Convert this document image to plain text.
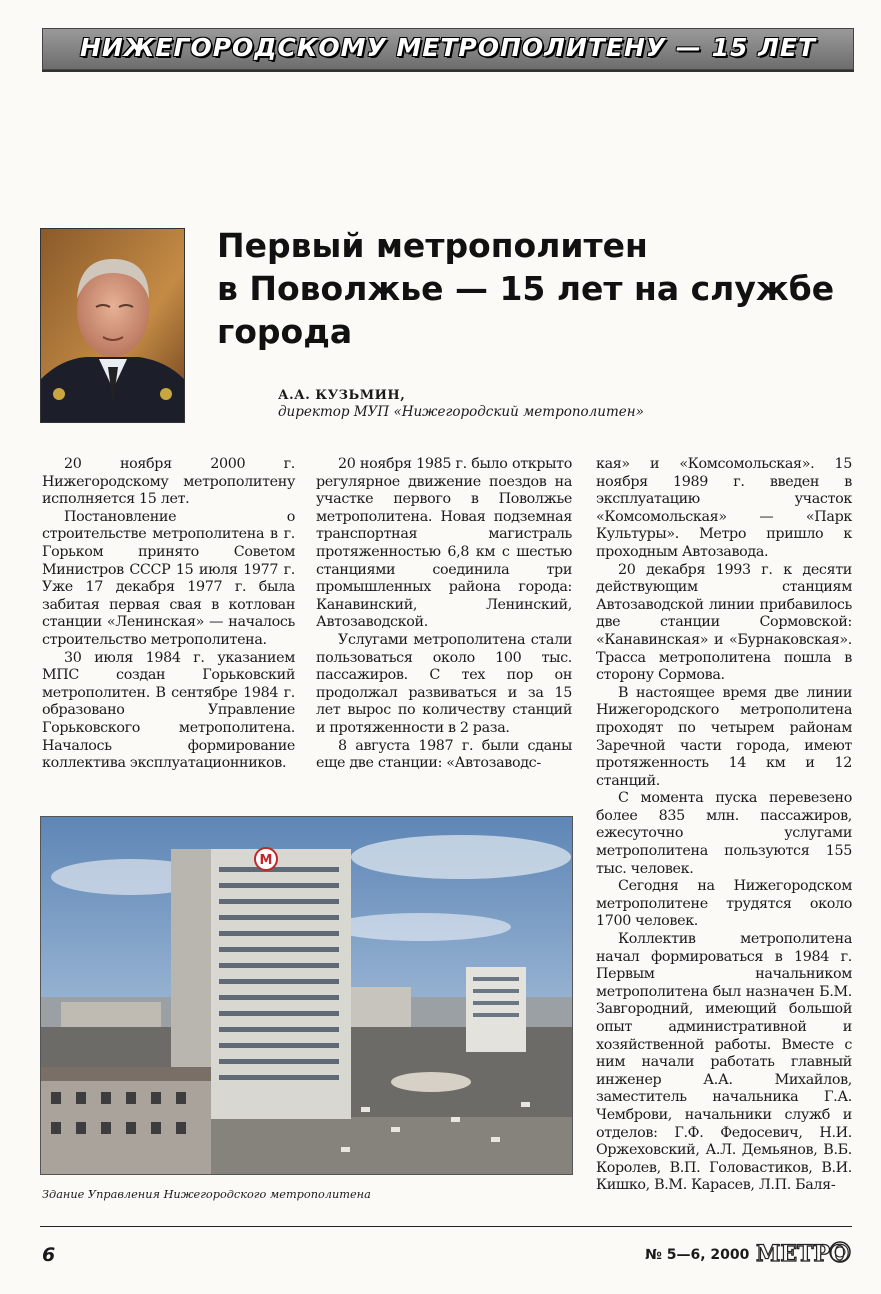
НИЖЕГОРОДСКОМУ МЕТРОПОЛИТЕНУ — 15 ЛЕТ
Первый метрополитен
в Поволжье — 15 лет на службе
города
А.А. КУЗЬМИН,
директор МУП «Нижегородский метрополитен»

20 ноября 2000 г. Нижегородскому метрополитену исполняется 15 лет.

Постановление о строительстве метрополитена в г. Горьком принято Советом Министров СССР 15 июля 1977 г. Уже 17 декабря 1977 г. была забитая первая свая в котлован станции «Ленинская» — началось строительство метрополитена.

30 июля 1984 г. указанием МПС создан Горьковский метрополитен. В сентябре 1984 г. образовано Управление Горьковского метрополитена. Началось формирование коллектива эксплуатационников.

20 ноября 1985 г. было открыто регулярное движение поездов на участке первого в Поволжье метрополитена. Новая подземная транспортная магистраль протяженностью 6,8 км с шестью станциями соединила три промышленных района города: Канавинский, Ленинский, Автозаводской.

Услугами метрополитена стали пользоваться около 100 тыс. пассажиров. С тех пор он продолжал развиваться и за 15 лет вырос по количеству станций и протяженности в 2 раза.

8 августа 1987 г. были сданы еще две станции: «Автозаводс-

кая» и «Комсомольская». 15 ноября 1989 г. введен в эксплуатацию участок «Комсомольская» — «Парк Культуры». Метро пришло к проходным Автозавода.

20 декабря 1993 г. к десяти действующим станциям Автозаводской линии прибавилось две станции Сормовской: «Канавинская» и «Бурнаковская». Трасса метрополитена пошла в сторону Сормова.

В настоящее время две линии Нижегородского метрополитена проходят по четырем районам Заречной части города, имеют протяженность 14 км и 12 станций.

С момента пуска перевезено более 835 млн. пассажиров, ежесуточно услугами метрополитена пользуются 155 тыс. человек.

Сегодня на Нижегородском метрополитене трудятся около 1700 человек.

Коллектив метрополитена начал формироваться в 1984 г. Первым начальником метрополитена был назначен Б.М. Завгородний, имеющий большой опыт административной и хозяйственной работы. Вместе с ним начали работать главный инженер А.А. Михайлов, заместитель начальника Г.А. Чемброви, начальники служб и отделов: Г.Ф. Федосевич, Н.И. Оржеховский, А.Л. Демьянов, В.Б. Королев, В.П. Головастиков, В.И. Кишко, В.М. Карасев, Л.П. Баля-

М
Здание Управления Нижегородского метрополитена
6	№ 5—6, 2000 МЕТРО
